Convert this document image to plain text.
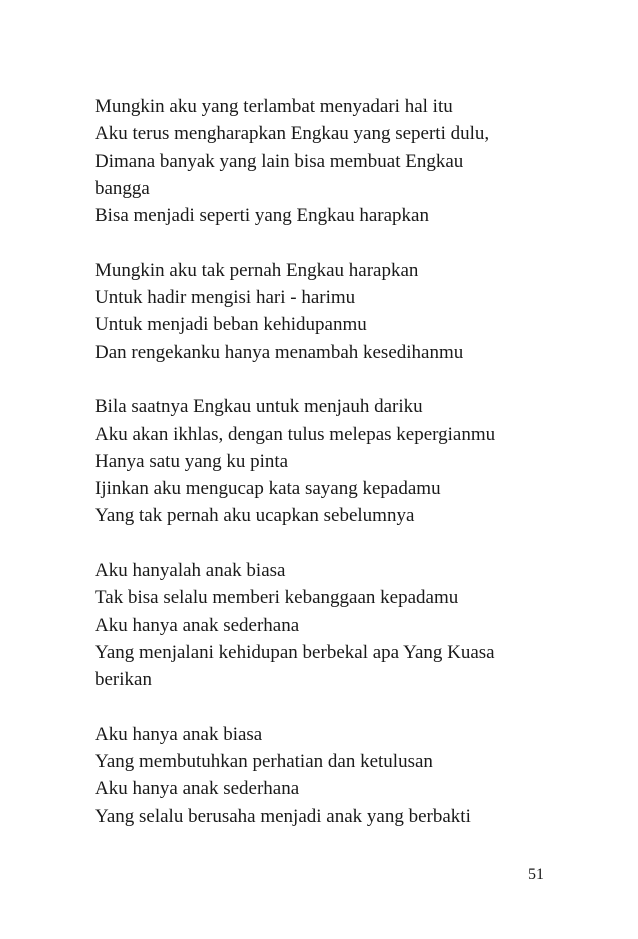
Mungkin aku yang terlambat menyadari hal itu
Aku terus mengharapkan Engkau yang seperti dulu,
Dimana banyak yang lain bisa membuat Engkau
bangga
Bisa menjadi seperti yang Engkau harapkan
Mungkin aku tak pernah Engkau harapkan
Untuk hadir mengisi hari - harimu
Untuk menjadi beban kehidupanmu
Dan rengekanku hanya menambah kesedihanmu
Bila saatnya Engkau untuk menjauh dariku
Aku akan ikhlas, dengan tulus melepas kepergianmu
Hanya satu yang ku pinta
Ijinkan aku mengucap kata sayang kepadamu
Yang tak pernah aku ucapkan sebelumnya
Aku hanyalah anak biasa
Tak bisa selalu memberi kebanggaan kepadamu
Aku hanya anak sederhana
Yang menjalani kehidupan berbekal apa Yang Kuasa
berikan
Aku hanya anak biasa
Yang membutuhkan perhatian dan ketulusan
Aku hanya anak sederhana
Yang selalu berusaha menjadi anak yang berbakti
51
